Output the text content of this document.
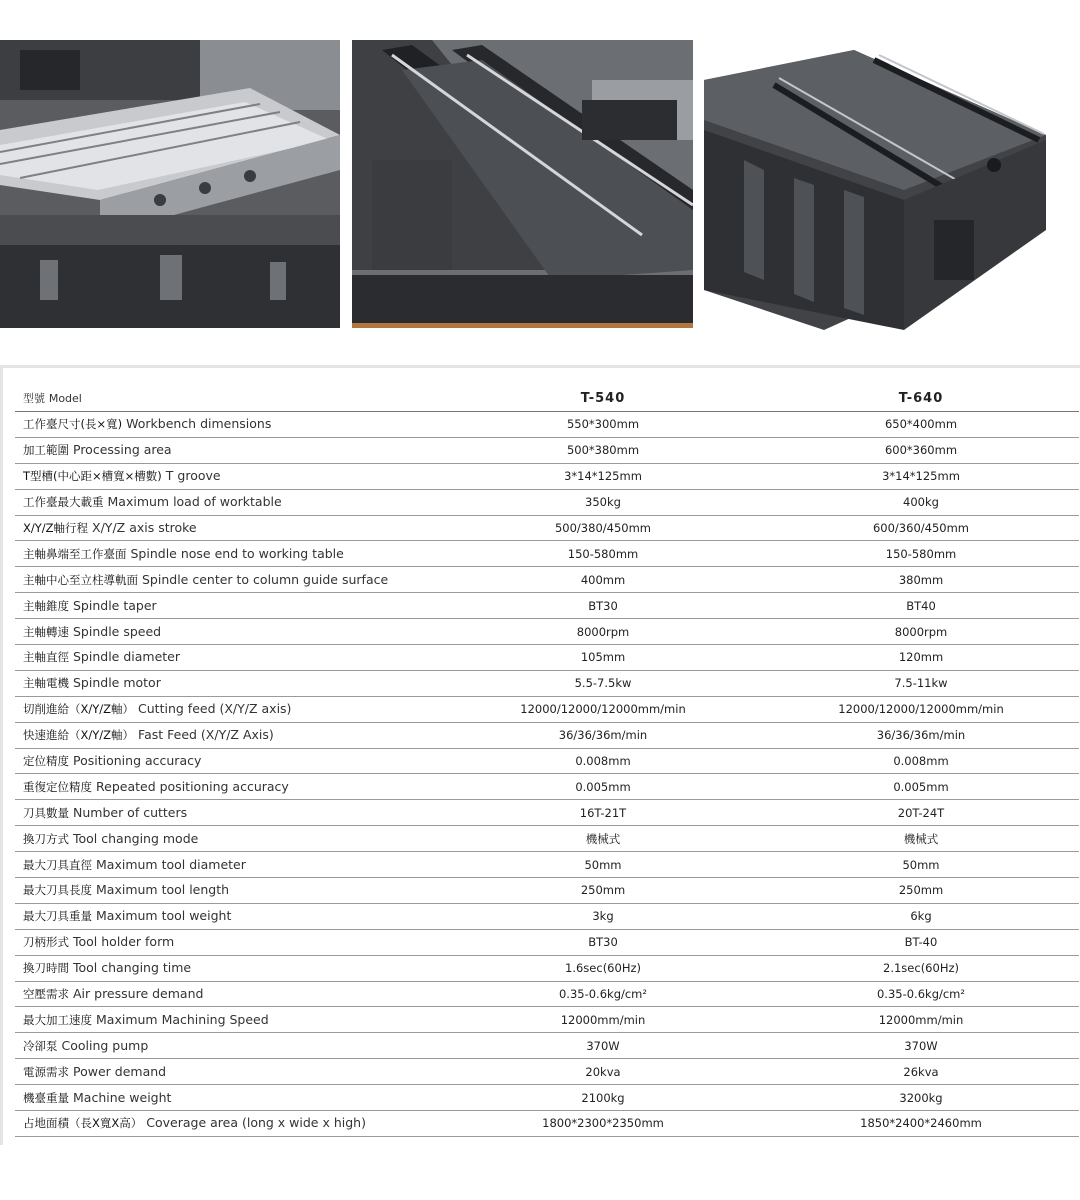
型號 Model	T-540	T-640
工作臺尺寸(長×寬) Workbench dimensions	550*300mm	650*400mm
加工範圍 Processing area	500*380mm	600*360mm
T型槽(中心距×槽寬×槽數) T groove	3*14*125mm	3*14*125mm
工作臺最大載重 Maximum load of worktable	350kg	400kg
X/Y/Z軸行程 X/Y/Z axis stroke	500/380/450mm	600/360/450mm
主軸鼻端至工作臺面 Spindle nose end to working table	150-580mm	150-580mm
主軸中心至立柱導軌面 Spindle center to column guide surface	400mm	380mm
主軸錐度 Spindle taper	BT30	BT40
主軸轉速 Spindle speed	8000rpm	8000rpm
主軸直徑 Spindle diameter	105mm	120mm
主軸電機 Spindle motor	5.5-7.5kw	7.5-11kw
切削進給（X/Y/Z軸） Cutting feed (X/Y/Z axis)	12000/12000/12000mm/min	12000/12000/12000mm/min
快速進給（X/Y/Z軸） Fast Feed (X/Y/Z Axis)	36/36/36m/min	36/36/36m/min
定位精度 Positioning accuracy	0.008mm	0.008mm
重復定位精度 Repeated positioning accuracy	0.005mm	0.005mm
刀具數量 Number of cutters	16T-21T	20T-24T
換刀方式 Tool changing mode	機械式	機械式
最大刀具直徑 Maximum tool diameter	50mm	50mm
最大刀具長度 Maximum tool length	250mm	250mm
最大刀具重量 Maximum tool weight	3kg	6kg
刀柄形式 Tool holder form	BT30	BT-40
換刀時間 Tool changing time	1.6sec(60Hz)	2.1sec(60Hz)
空壓需求 Air pressure demand	0.35-0.6kg/cm²	0.35-0.6kg/cm²
最大加工速度 Maximum Machining Speed	12000mm/min	12000mm/min
冷卻泵 Cooling pump	370W	370W
電源需求 Power demand	20kva	26kva
機臺重量 Machine weight	2100kg	3200kg
占地面積（長X寬X高） Coverage area (long x wide x high)	1800*2300*2350mm	1850*2400*2460mm
